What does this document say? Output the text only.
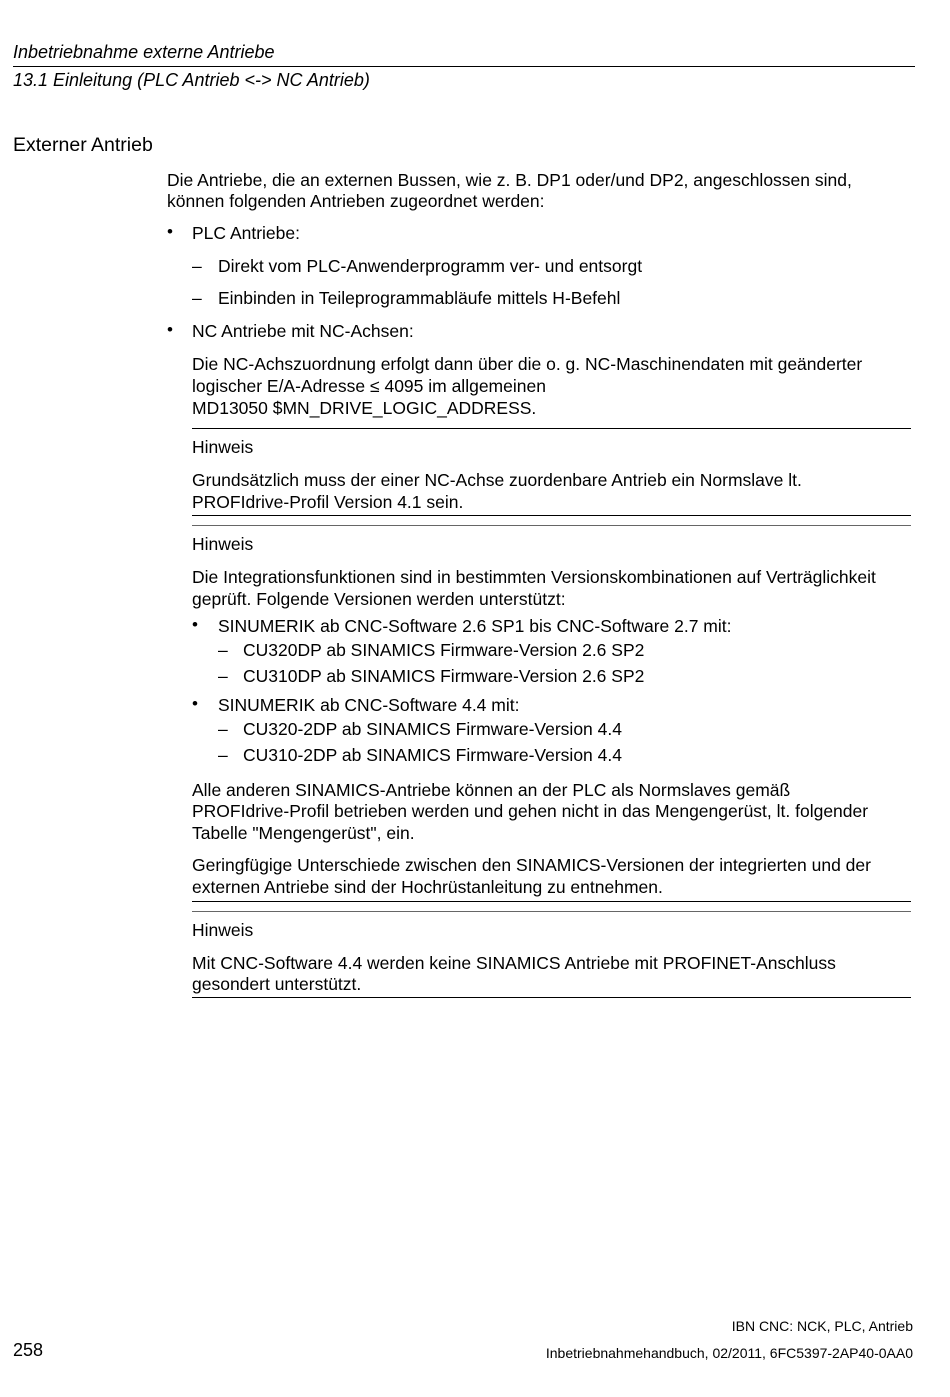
Inbetriebnahme externe Antriebe
13.1 Einleitung (PLC Antrieb <-> NC Antrieb)
Externer Antrieb
Die Antriebe, die an externen Bussen, wie z. B. DP1 oder/und DP2, angeschlossen sind,
können folgenden Antrieben zugeordnet werden:
• PLC Antriebe:
– Direkt vom PLC-Anwenderprogramm ver- und entsorgt
– Einbinden in Teileprogrammabläufe mittels H-Befehl
• NC Antriebe mit NC-Achsen:
Die NC-Achszuordnung erfolgt dann über die o. g. NC-Maschinendaten mit geänderter
logischer E/A-Adresse ≤ 4095 im allgemeinen
MD13050 $MN_DRIVE_LOGIC_ADDRESS.
Hinweis
Grundsätzlich muss der einer NC-Achse zuordenbare Antrieb ein Normslave lt.
PROFIdrive-Profil Version 4.1 sein.
Hinweis
Die Integrationsfunktionen sind in bestimmten Versionskombinationen auf Verträglichkeit
geprüft. Folgende Versionen werden unterstützt:
• SINUMERIK ab CNC-Software 2.6 SP1 bis CNC-Software 2.7 mit:
– CU320DP ab SINAMICS Firmware-Version 2.6 SP2
– CU310DP ab SINAMICS Firmware-Version 2.6 SP2
• SINUMERIK ab CNC-Software 4.4 mit:
– CU320-2DP ab SINAMICS Firmware-Version 4.4
– CU310-2DP ab SINAMICS Firmware-Version 4.4
Alle anderen SINAMICS-Antriebe können an der PLC als Normslaves gemäß
PROFIdrive-Profil betrieben werden und gehen nicht in das Mengengerüst, lt. folgender
Tabelle "Mengengerüst", ein.
Geringfügige Unterschiede zwischen den SINAMICS-Versionen der integrierten und der
externen Antriebe sind der Hochrüstanleitung zu entnehmen.
Hinweis
Mit CNC-Software 4.4 werden keine SINAMICS Antriebe mit PROFINET-Anschluss
gesondert unterstützt.
IBN CNC: NCK, PLC, Antrieb
258	Inbetriebnahmehandbuch, 02/2011, 6FC5397-2AP40-0AA0
